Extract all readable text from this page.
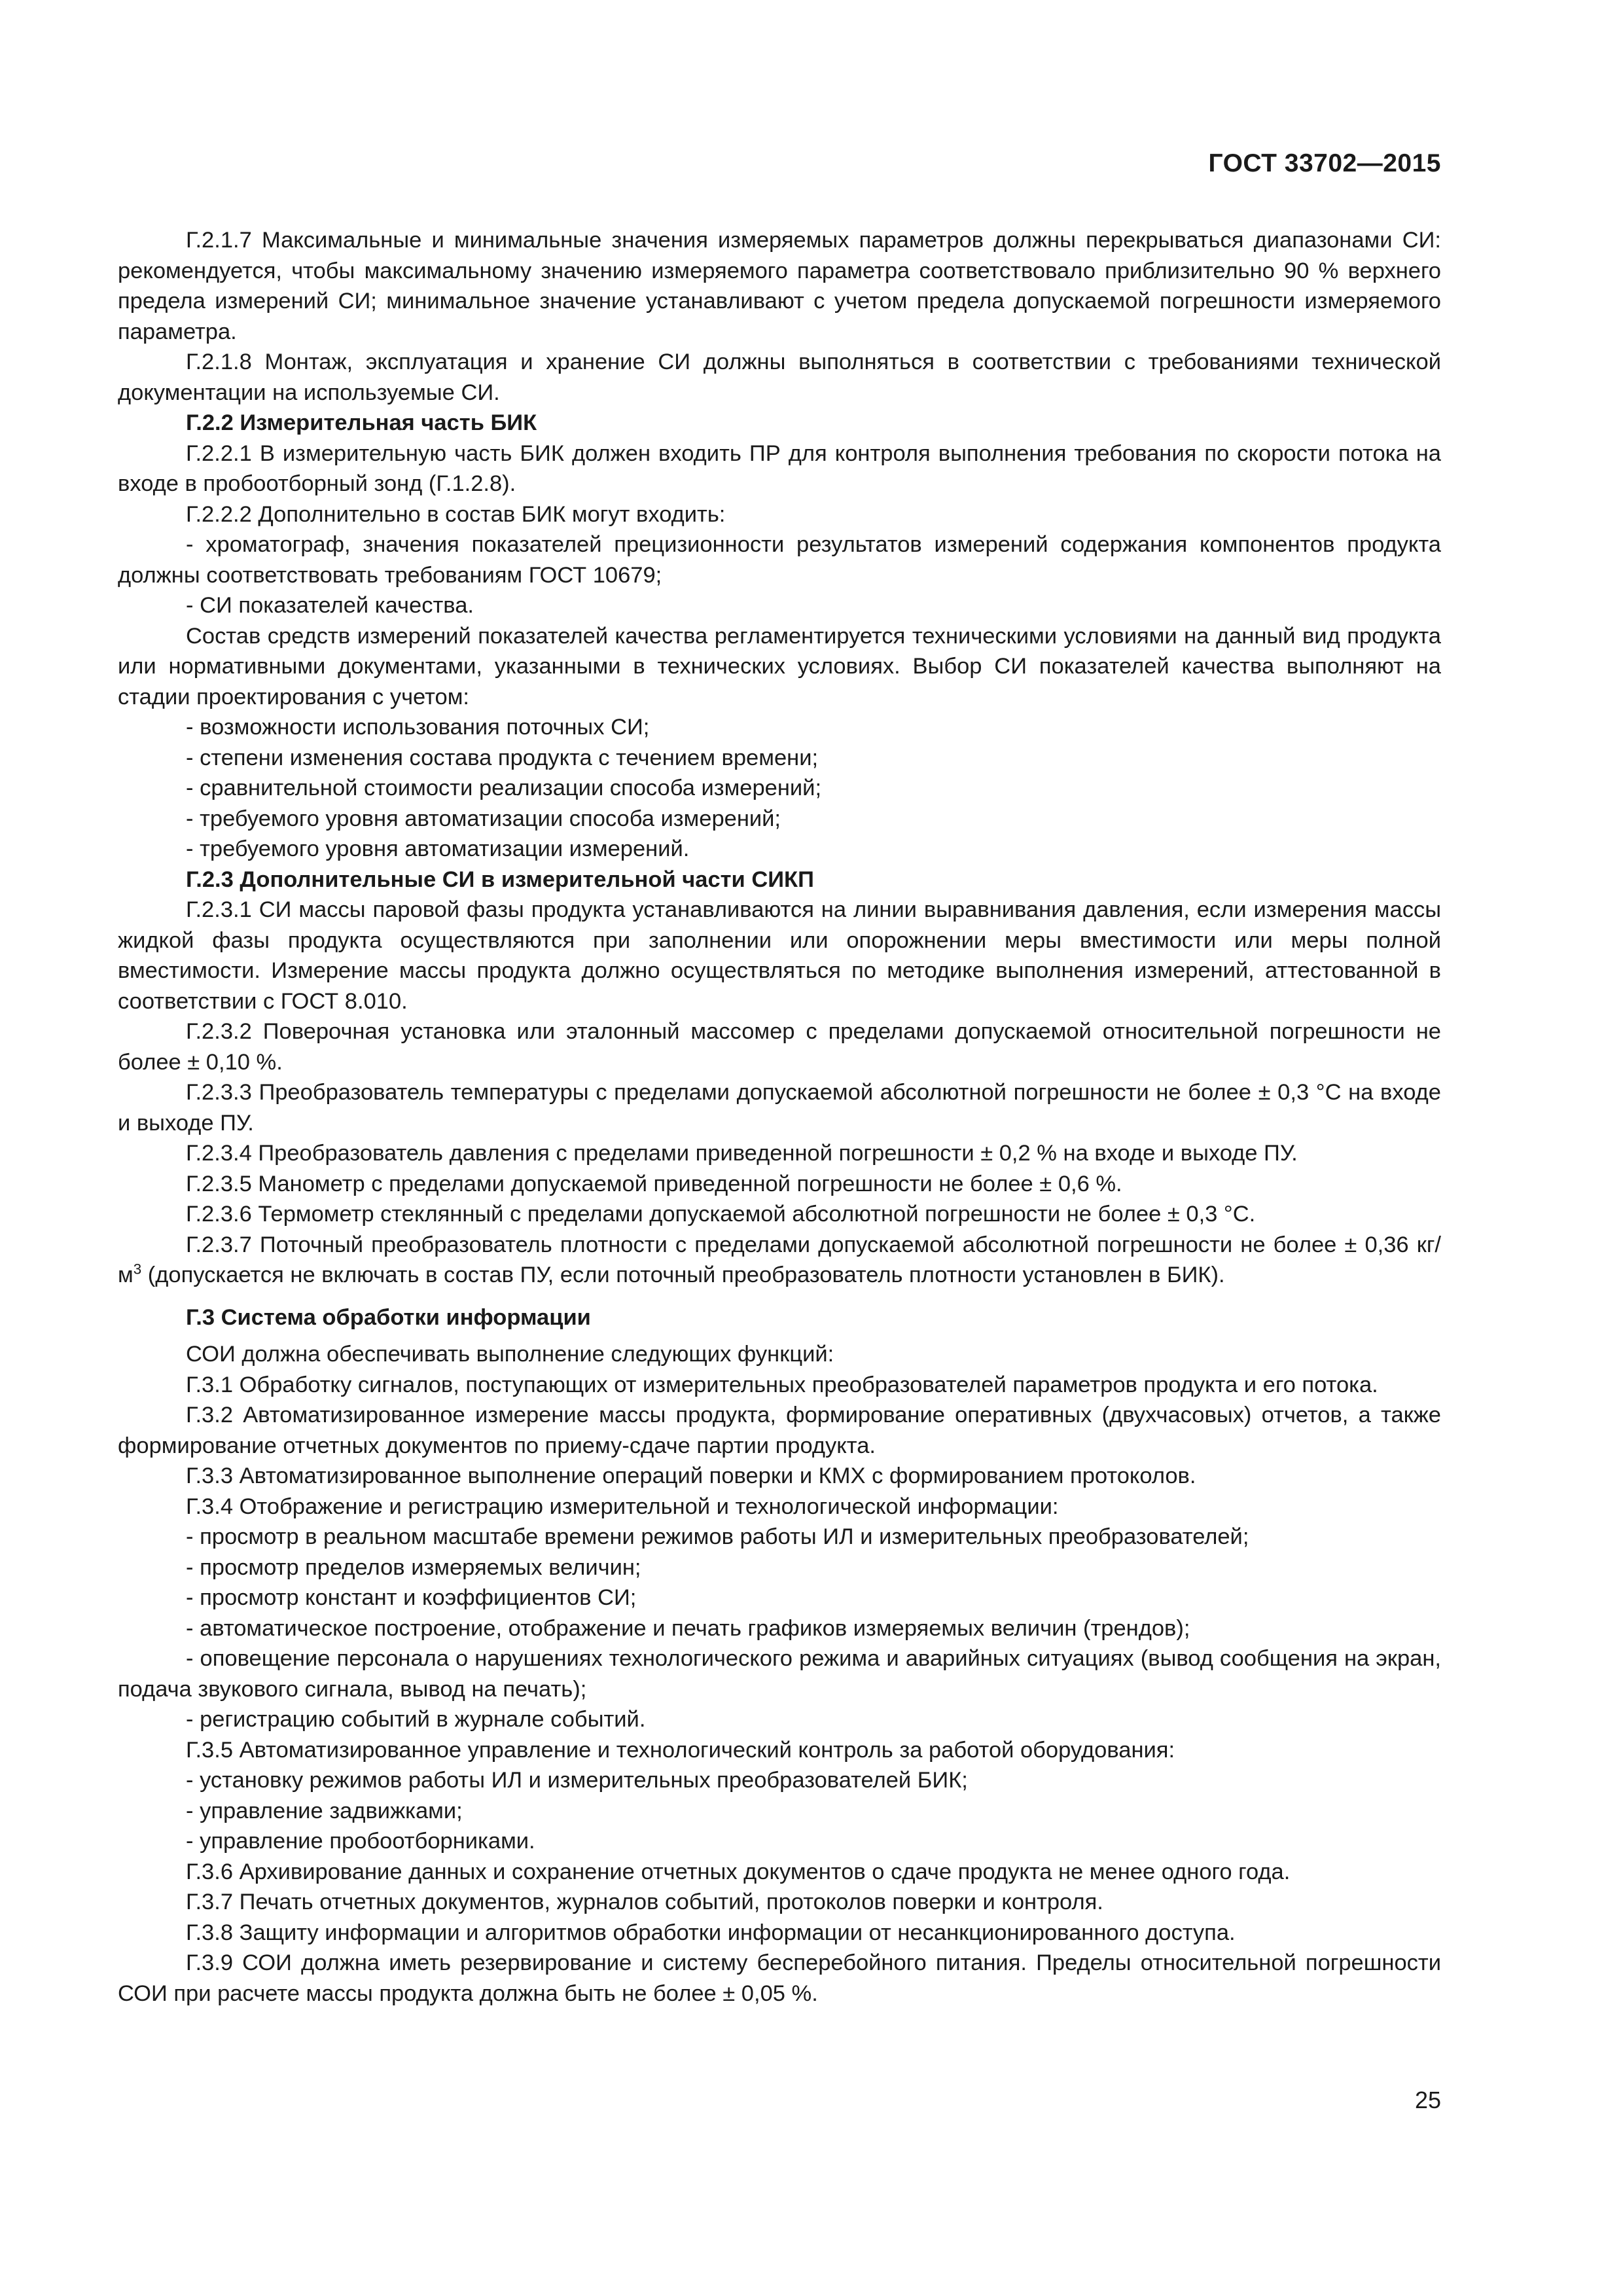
ГОСТ 33702—2015

Г.2.1.7 Максимальные и минимальные значения измеряемых параметров должны перекрываться диапазонами СИ: рекомендуется, чтобы максимальному значению измеряемого параметра соответствовало приблизительно 90 % верхнего предела измерений СИ; минимальное значение устанавливают с учетом предела допускаемой погрешности измеряемого параметра.

Г.2.1.8 Монтаж, эксплуатация и хранение СИ должны выполняться в соответствии с требованиями технической документации на используемые СИ.

Г.2.2 Измерительная часть БИК

Г.2.2.1 В измерительную часть БИК должен входить ПР для контроля выполнения требования по скорости потока на входе в пробоотборный зонд (Г.1.2.8).

Г.2.2.2 Дополнительно в состав БИК могут входить:

- хроматограф, значения показателей прецизионности результатов измерений содержания компонентов продукта должны соответствовать требованиям ГОСТ 10679;

- СИ показателей качества.

Состав средств измерений показателей качества регламентируется техническими условиями на данный вид продукта или нормативными документами, указанными в технических условиях. Выбор СИ показателей качества выполняют на стадии проектирования с учетом:

- возможности использования поточных СИ;

- степени изменения состава продукта с течением времени;

- сравнительной стоимости реализации способа измерений;

- требуемого уровня автоматизации способа измерений;

- требуемого уровня автоматизации измерений.

Г.2.3 Дополнительные СИ в измерительной части СИКП

Г.2.3.1 СИ массы паровой фазы продукта устанавливаются на линии выравнивания давления, если измерения массы жидкой фазы продукта осуществляются при заполнении или опорожнении меры вместимости или меры полной вместимости. Измерение массы продукта должно осуществляться по методике выполнения измерений, аттестованной в соответствии с ГОСТ 8.010.

Г.2.3.2 Поверочная установка или эталонный массомер с пределами допускаемой относительной погрешности не более ± 0,10 %.

Г.2.3.3 Преобразователь температуры с пределами допускаемой абсолютной погрешности не более ± 0,3 °С на входе и выходе ПУ.

Г.2.3.4 Преобразователь давления с пределами приведенной погрешности ± 0,2 % на входе и выходе ПУ.

Г.2.3.5 Манометр с пределами допускаемой приведенной погрешности не более ± 0,6 %.

Г.2.3.6 Термометр стеклянный с пределами допускаемой абсолютной погрешности не более ± 0,3 °С.

Г.2.3.7 Поточный преобразователь плотности с пределами допускаемой абсолютной погрешности не более ± 0,36 $кг/м^3$ (допускается не включать в состав ПУ, если поточный преобразователь плотности установлен в БИК).

Г.3 Система обработки информации

СОИ должна обеспечивать выполнение следующих функций:

Г.3.1 Обработку сигналов, поступающих от измерительных преобразователей параметров продукта и его потока.

Г.3.2 Автоматизированное измерение массы продукта, формирование оперативных (двухчасовых) отчетов, а также формирование отчетных документов по приему-сдаче партии продукта.

Г.3.3 Автоматизированное выполнение операций поверки и КМХ с формированием протоколов.

Г.3.4 Отображение и регистрацию измерительной и технологической информации:

- просмотр в реальном масштабе времени режимов работы ИЛ и измерительных преобразователей;

- просмотр пределов измеряемых величин;

- просмотр констант и коэффициентов СИ;

- автоматическое построение, отображение и печать графиков измеряемых величин (трендов);

- оповещение персонала о нарушениях технологического режима и аварийных ситуациях (вывод сообщения на экран, подача звукового сигнала, вывод на печать);

- регистрацию событий в журнале событий.

Г.3.5 Автоматизированное управление и технологический контроль за работой оборудования:

- установку режимов работы ИЛ и измерительных преобразователей БИК;

- управление задвижками;

- управление пробоотборниками.

Г.3.6 Архивирование данных и сохранение отчетных документов о сдаче продукта не менее одного года.

Г.3.7 Печать отчетных документов, журналов событий, протоколов поверки и контроля.

Г.3.8 Защиту информации и алгоритмов обработки информации от несанкционированного доступа.

Г.3.9 СОИ должна иметь резервирование и систему бесперебойного питания. Пределы относительной погрешности СОИ при расчете массы продукта должна быть не более ± 0,05 %.

25
